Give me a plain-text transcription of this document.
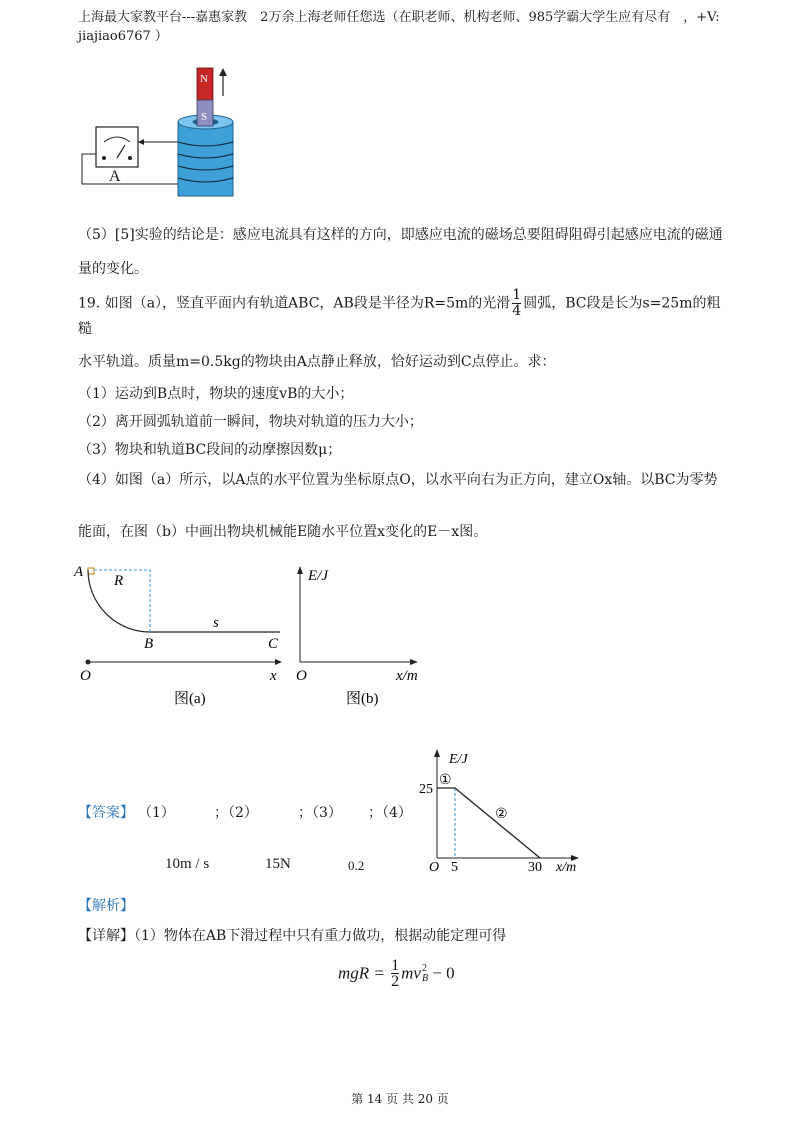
上海最大家教平台---嘉惠家教　2万余上海老师任您选（在职老师、机构老师、985学霸大学生应有尽有　，+V:
jiajiao6767 ）
A
N
S
（5）[5]实验的结论是：感应电流具有这样的方向，即感应电流的磁场总要阻碍阻碍引起感应电流的磁通
量的变化。
19. 如图（a），竖直平面内有轨道ABC，AB段是半径为R=5m的光滑 $\frac{1}{4}$ 圆弧，BC段是长为s=25m的粗糙
水平轨道。质量m=0.5kg的物块由A点静止释放，恰好运动到C点停止。求：
（1）运动到B点时，物块的速度vB的大小；
（2）离开圆弧轨道前一瞬间，物块对轨道的压力大小；
（3）物块和轨道BC段间的动摩擦因数μ；
（4）如图（a）所示，以A点的水平位置为坐标原点O，以水平向右为正方向，建立Ox轴。以BC为零势
能面，在图（b）中画出物块机械能E随水平位置x变化的E－x图。
A
R
s
B	C
O	x
图(a)
E/J
O	x/m
图(b)
【答案】 （1）	；（2）	；（3） ；（4）
10m / s	15N	0.2
E/J
x/m
O
25
5	30
①
②
【解析】
【详解】（1）物体在AB下滑过程中只有重力做功，根据动能定理可得
mgR = $\frac{1}{2}$ mv 2
B − 0
第 14 页 共 20 页
